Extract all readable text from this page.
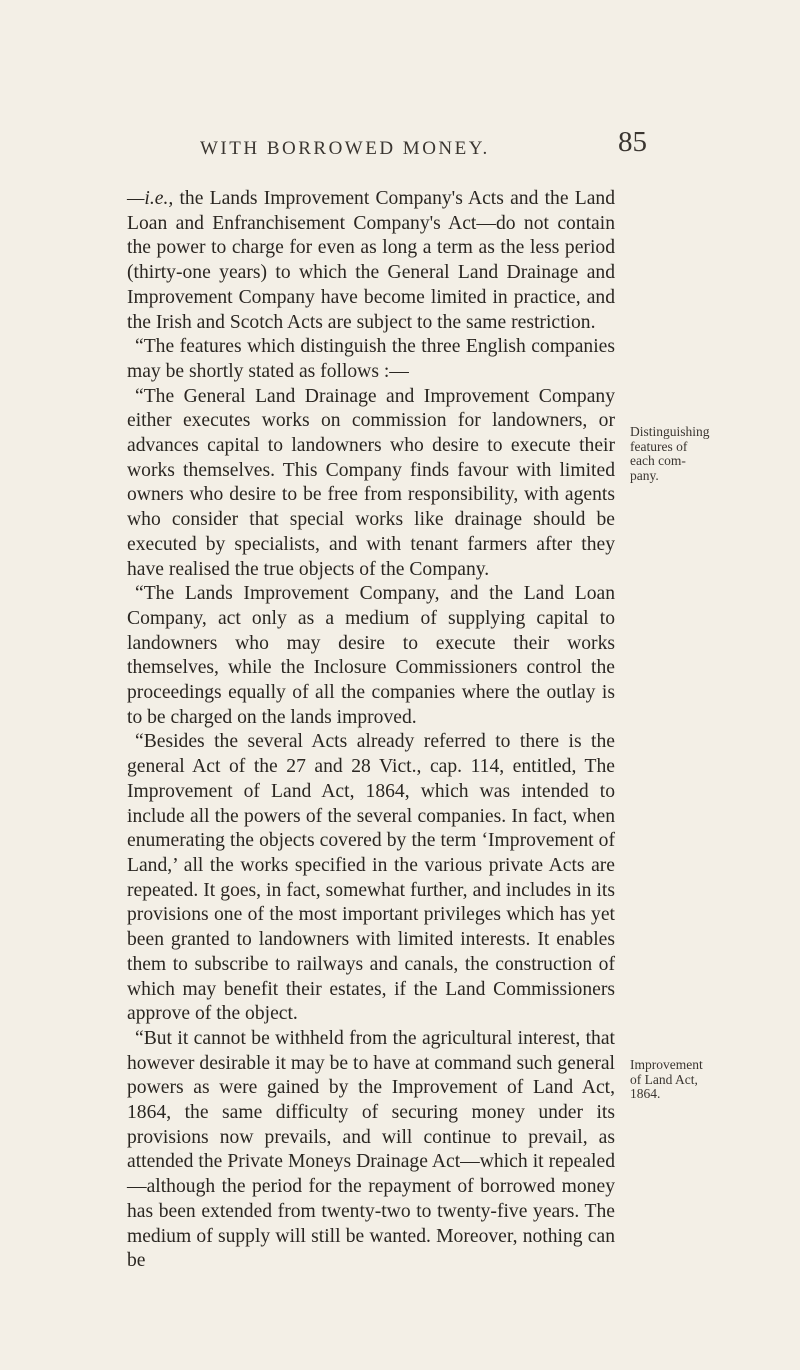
WITH BORROWED MONEY.	85

—i.e., the Lands Improvement Company's Acts and the Land Loan and Enfranchisement Company's Act—do not contain the power to charge for even as long a term as the less period (thirty-one years) to which the General Land Drainage and Improvement Company have become limited in practice, and the Irish and Scotch Acts are subject to the same restriction.

“The features which distinguish the three English companies may be shortly stated as follows :—

“The General Land Drainage and Improvement Company either executes works on commission for landowners, or advances capital to landowners who desire to execute their works themselves. This Company finds favour with limited owners who desire to be free from responsibility, with agents who consider that special works like drainage should be executed by specialists, and with tenant farmers after they have realised the true objects of the Company.

“The Lands Improvement Company, and the Land Loan Company, act only as a medium of supplying capital to landowners who may desire to execute their works themselves, while the Inclosure Commissioners control the proceedings equally of all the companies where the outlay is to be charged on the lands improved.

“Besides the several Acts already referred to there is the general Act of the 27 and 28 Vict., cap. 114, entitled, The Improvement of Land Act, 1864, which was intended to include all the powers of the several companies. In fact, when enumerating the objects covered by the term ‘Improvement of Land,’ all the works specified in the various private Acts are repeated. It goes, in fact, somewhat further, and includes in its provisions one of the most important privileges which has yet been granted to landowners with limited interests. It enables them to subscribe to railways and canals, the construction of which may benefit their estates, if the Land Commissioners approve of the object.

“But it cannot be withheld from the agricultural interest, that however desirable it may be to have at command such general powers as were gained by the Improvement of Land Act, 1864, the same difficulty of securing money under its provisions now prevails, and will continue to prevail, as attended the Private Moneys Drainage Act—which it repealed—although the period for the repayment of borrowed money has been extended from twenty-two to twenty-five years. The medium of supply will still be wanted. Moreover, nothing can be

Distinguishing
features of
each com-
pany.
Improvement
of Land Act,
1864.
